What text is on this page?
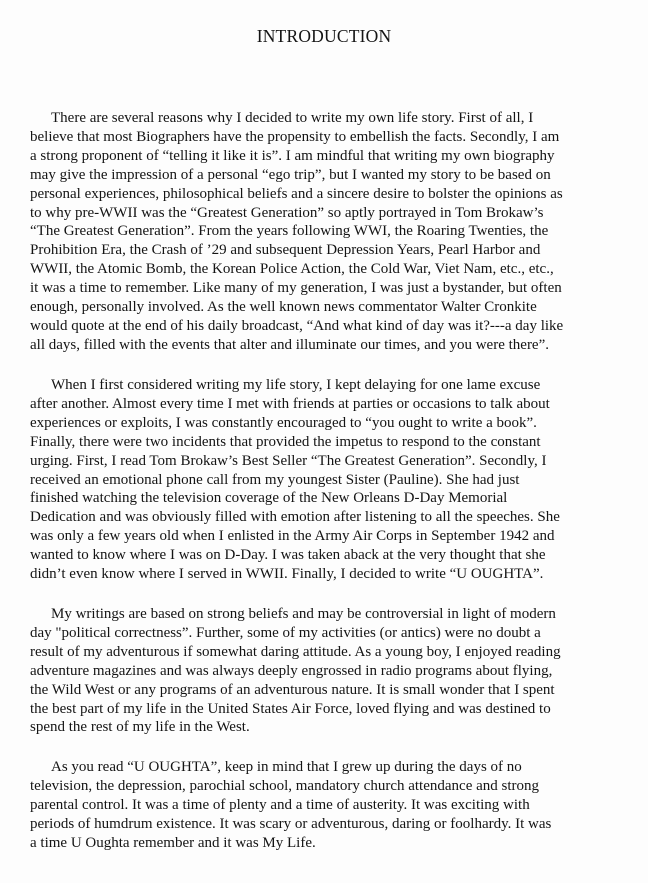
INTRODUCTION

There are several reasons why I decided to write my own life story. First of all, I
believe that most Biographers have the propensity to embellish the facts. Secondly, I am
a strong proponent of “telling it like it is”. I am mindful that writing my own biography
may give the impression of a personal “ego trip”, but I wanted my story to be based on
personal experiences, philosophical beliefs and a sincere desire to bolster the opinions as
to why pre-WWII was the “Greatest Generation” so aptly portrayed in Tom Brokaw’s
“The Greatest Generation”. From the years following WWI, the Roaring Twenties, the
Prohibition Era, the Crash of ’29 and subsequent Depression Years, Pearl Harbor and
WWII, the Atomic Bomb, the Korean Police Action, the Cold War, Viet Nam, etc., etc.,
it was a time to remember. Like many of my generation, I was just a bystander, but often
enough, personally involved. As the well known news commentator Walter Cronkite
would quote at the end of his daily broadcast, “And what kind of day was it?---a day like
all days, filled with the events that alter and illuminate our times, and you were there”.

When I first considered writing my life story, I kept delaying for one lame excuse
after another. Almost every time I met with friends at parties or occasions to talk about
experiences or exploits, I was constantly encouraged to “you ought to write a book”.
Finally, there were two incidents that provided the impetus to respond to the constant
urging. First, I read Tom Brokaw’s Best Seller “The Greatest Generation”. Secondly, I
received an emotional phone call from my youngest Sister (Pauline). She had just
finished watching the television coverage of the New Orleans D-Day Memorial
Dedication and was obviously filled with emotion after listening to all the speeches. She
was only a few years old when I enlisted in the Army Air Corps in September 1942 and
wanted to know where I was on D-Day. I was taken aback at the very thought that she
didn’t even know where I served in WWII. Finally, I decided to write “U OUGHTA”.

My writings are based on strong beliefs and may be controversial in light of modern
day "political correctness”. Further, some of my activities (or antics) were no doubt a
result of my adventurous if somewhat daring attitude. As a young boy, I enjoyed reading
adventure magazines and was always deeply engrossed in radio programs about flying,
the Wild West or any programs of an adventurous nature. It is small wonder that I spent
the best part of my life in the United States Air Force, loved flying and was destined to
spend the rest of my life in the West.

As you read “U OUGHTA”, keep in mind that I grew up during the days of no
television, the depression, parochial school, mandatory church attendance and strong
parental control. It was a time of plenty and a time of austerity. It was exciting with
periods of humdrum existence. It was scary or adventurous, daring or foolhardy. It was
a time U Oughta remember and it was My Life.
